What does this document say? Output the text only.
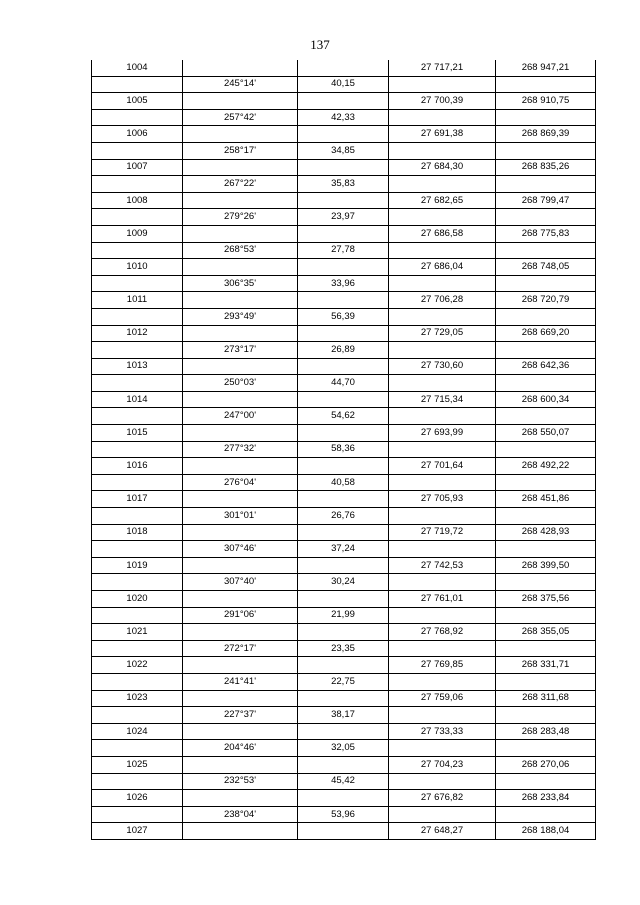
137
1004			27 717,21	268 947,21
	245°14'	40,15		
1005			27 700,39	268 910,75
	257°42'	42,33		
1006			27 691,38	268 869,39
	258°17'	34,85		
1007			27 684,30	268 835,26
	267°22'	35,83		
1008			27 682,65	268 799,47
	279°26'	23,97		
1009			27 686,58	268 775,83
	268°53'	27,78		
1010			27 686,04	268 748,05
	306°35'	33,96		
1011			27 706,28	268 720,79
	293°49'	56,39		
1012			27 729,05	268 669,20
	273°17'	26,89		
1013			27 730,60	268 642,36
	250°03'	44,70		
1014			27 715,34	268 600,34
	247°00'	54,62		
1015			27 693,99	268 550,07
	277°32'	58,36		
1016			27 701,64	268 492,22
	276°04'	40,58		
1017			27 705,93	268 451,86
	301°01'	26,76		
1018			27 719,72	268 428,93
	307°46'	37,24		
1019			27 742,53	268 399,50
	307°40'	30,24		
1020			27 761,01	268 375,56
	291°06'	21,99		
1021			27 768,92	268 355,05
	272°17'	23,35		
1022			27 769,85	268 331,71
	241°41'	22,75		
1023			27 759,06	268 311,68
	227°37'	38,17		
1024			27 733,33	268 283,48
	204°46'	32,05		
1025			27 704,23	268 270,06
	232°53'	45,42		
1026			27 676,82	268 233,84
	238°04'	53,96		
1027			27 648,27	268 188,04
